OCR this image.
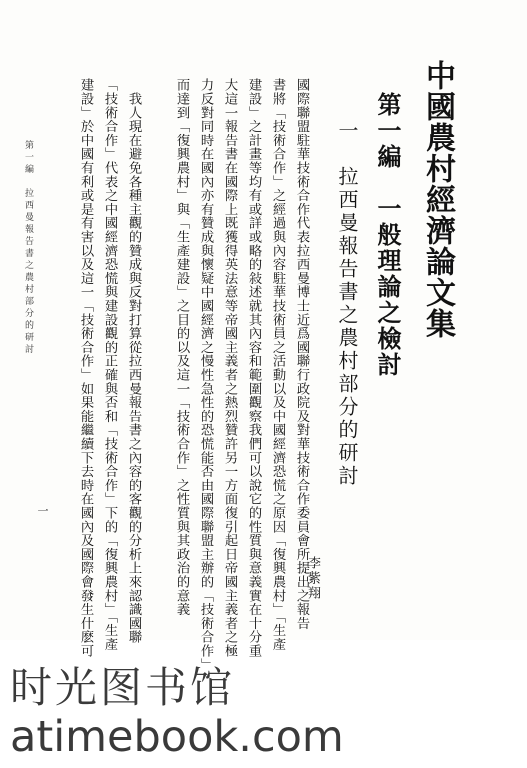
中國農村經濟論文集
第一編　一般理論之檢討
一　拉西曼報告書之農村部分的研討
李紫翔
國際聯盟駐華技術合作代表拉西曼博士近爲國聯行政院及對華技術合作委員會所提出之報告
書將「技術合作」之經過與內容駐華技術員之活動以及中國經濟恐慌之原因「復興農村」「生產
建設」之計畫等均有或詳或略的敍述就其內容和範圍觀察我們可以說它的性質與意義實在十分重
大這一報告書在國際上既獲得英法意等帝國主義者之熱烈贊許另一方面復引起日帝國主義者之極
力反對同時在國內亦有贊成與懷疑中國經濟之慢性急性的恐慌能否由國際聯盟主辦的「技術合作」
而達到「復興農村」與「生產建設」之目的以及這一「技術合作」之性質與其政治的意義
　我人現在避免各種主觀的贊成與反對打算從拉西曼報告書之內容的客觀的分析上來認識國聯
「技術合作」代表之中國經濟恐慌與建設觀的正確與否和「技術合作」下的「復興農村」「生產
建設」於中國有利或是有害以及這一「技術合作」如果能繼續下去時在國內及國際會發生什麽可
第一編　拉西曼報告書之農村部分的研討
一
时光图书馆
atimebook.com
